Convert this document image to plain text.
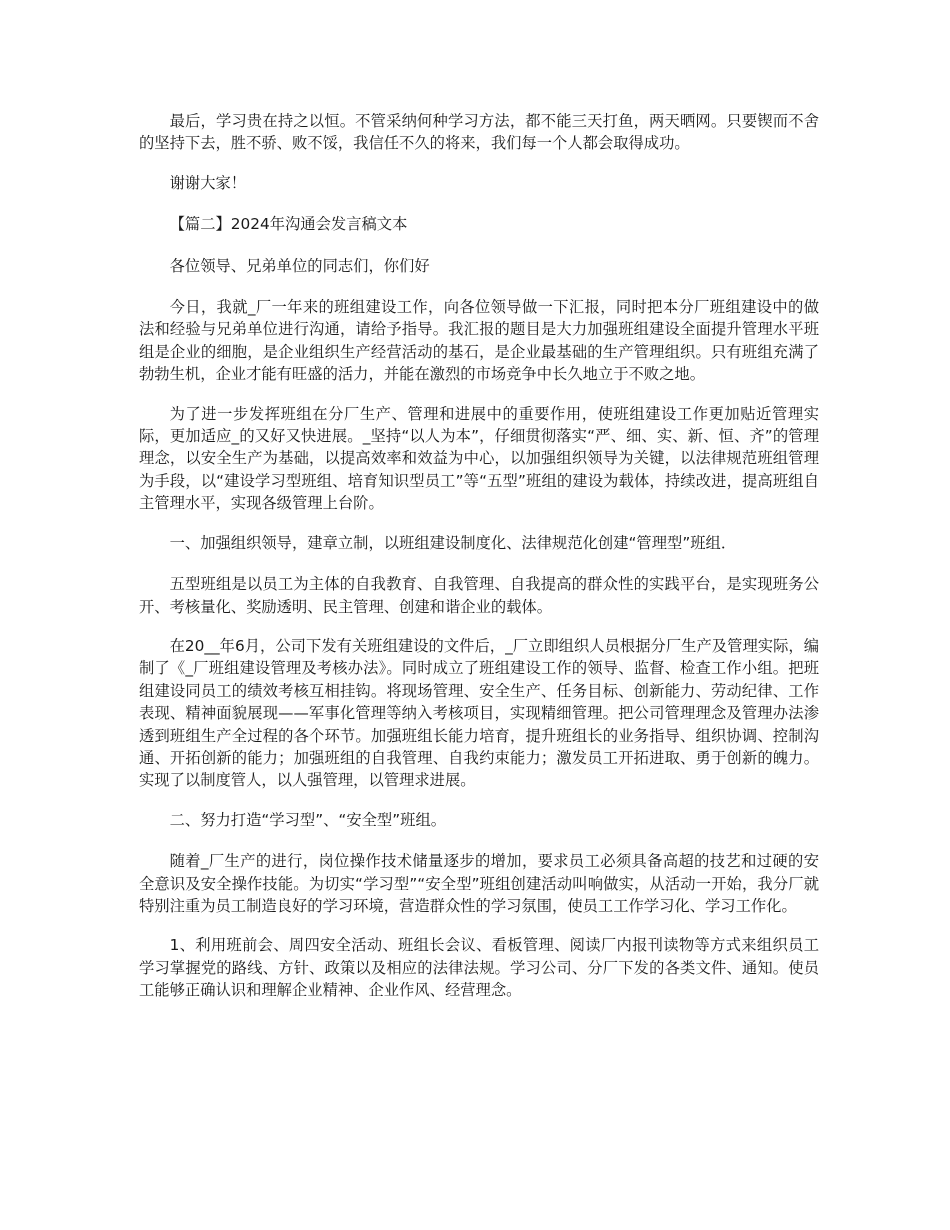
最后，学习贵在持之以恒。不管采纳何种学习方法，都不能三天打鱼，两天晒网。只要锲而不舍的坚持下去，胜不骄、败不馁，我信任不久的将来，我们每一个人都会取得成功。

谢谢大家！

【篇二】2024年沟通会发言稿文本

各位领导、兄弟单位的同志们，你们好

今日，我就_厂一年来的班组建设工作，向各位领导做一下汇报，同时把本分厂班组建设中的做法和经验与兄弟单位进行沟通，请给予指导。我汇报的题目是大力加强班组建设全面提升管理水平班组是企业的细胞，是企业组织生产经营活动的基石，是企业最基础的生产管理组织。只有班组充满了勃勃生机，企业才能有旺盛的活力，并能在激烈的市场竞争中长久地立于不败之地。

为了进一步发挥班组在分厂生产、管理和进展中的重要作用，使班组建设工作更加贴近管理实际，更加适应_的又好又快进展。_坚持“以人为本”，仔细贯彻落实“严、细、实、新、恒、齐”的管理理念，以安全生产为基础，以提高效率和效益为中心，以加强组织领导为关键，以法律规范班组管理为手段，以“建设学习型班组、培育知识型员工”等“五型”班组的建设为载体，持续改进，提高班组自主管理水平，实现各级管理上台阶。

一、加强组织领导，建章立制，以班组建设制度化、法律规范化创建“管理型”班组．

五型班组是以员工为主体的自我教育、自我管理、自我提高的群众性的实践平台，是实现班务公开、考核量化、奖励透明、民主管理、创建和谐企业的载体。

在20__年6月，公司下发有关班组建设的文件后，_厂立即组织人员根据分厂生产及管理实际，编制了《_厂班组建设管理及考核办法》。同时成立了班组建设工作的领导、监督、检查工作小组。把班组建设同员工的绩效考核互相挂钩。将现场管理、安全生产、任务目标、创新能力、劳动纪律、工作表现、精神面貌展现——军事化管理等纳入考核项目，实现精细管理。把公司管理理念及管理办法渗透到班组生产全过程的各个环节。加强班组长能力培育，提升班组长的业务指导、组织协调、控制沟通、开拓创新的能力；加强班组的自我管理、自我约束能力；激发员工开拓进取、勇于创新的魄力。实现了以制度管人，以人强管理，以管理求进展。

二、努力打造“学习型”、“安全型”班组。

随着_厂生产的进行，岗位操作技术储量逐步的增加，要求员工必须具备高超的技艺和过硬的安全意识及安全操作技能。为切实“学习型”“安全型”班组创建活动叫响做实，从活动一开始，我分厂就特别注重为员工制造良好的学习环境，营造群众性的学习氛围，使员工工作学习化、学习工作化。

1、利用班前会、周四安全活动、班组长会议、看板管理、阅读厂内报刊读物等方式来组织员工学习掌握党的路线、方针、政策以及相应的法律法规。学习公司、分厂下发的各类文件、通知。使员工能够正确认识和理解企业精神、企业作风、经营理念。
